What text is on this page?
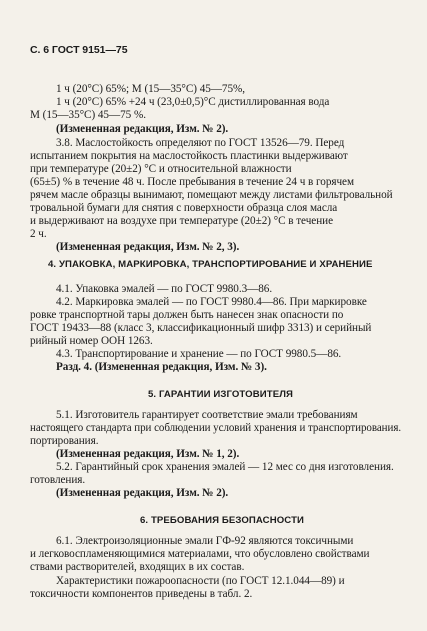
С. 6 ГОСТ 9151—75
1 ч (20°С) 65%; М (15—35°С) 45—75%,
1 ч (20°С) 65% +24 ч (23,0±0,5)°С дистиллированная вода
М (15—35°С) 45—75 %.
(Измененная редакция, Изм. № 2).
3.8. Маслостойкость определяют по ГОСТ 13526—79. Перед
испытанием покрытия на маслостойкость пластинки выдерживают
при температуре (20±2) °С и относительной влажности
(65±5) % в течение 48 ч. После пребывания в течение 24 ч в горячем
рячем масле образцы вынимают, помещают между листами фильтровальной
тровальной бумаги для снятия с поверхности образца слоя масла
и выдерживают на воздухе при температуре (20±2) °С в течение
2 ч.
(Измененная редакция, Изм. № 2, 3).
4. УПАКОВКА, МАРКИРОВКА, ТРАНСПОРТИРОВАНИЕ И ХРАНЕНИЕ
4.1. Упаковка эмалей — по ГОСТ 9980.3—86.
4.2. Маркировка эмалей — по ГОСТ 9980.4—86. При маркировке
ровке транспортной тары должен быть нанесен знак опасности по
ГОСТ 19433—88 (класс 3, классификационный шифр 3313) и серийный
рийный номер ООН 1263.
4.3. Транспортирование и хранение — по ГОСТ 9980.5—86.
Разд. 4. (Измененная редакция, Изм. № 3).
5. ГАРАНТИИ ИЗГОТОВИТЕЛЯ
5.1. Изготовитель гарантирует соответствие эмали требованиям
настоящего стандарта при соблюдении условий хранения и транспортирования.
портирования.
(Измененная редакция, Изм. № 1, 2).
5.2. Гарантийный срок хранения эмалей — 12 мес со дня изготовления.
готовления.
(Измененная редакция, Изм. № 2).
6. ТРЕБОВАНИЯ БЕЗОПАСНОСТИ
6.1. Электроизоляционные эмали ГФ-92 являются токсичными
и легковоспламеняющимися материалами, что обусловлено свойствами
ствами растворителей, входящих в их состав.
Характеристики пожароопасности (по ГОСТ 12.1.044—89) и
токсичности компонентов приведены в табл. 2.
